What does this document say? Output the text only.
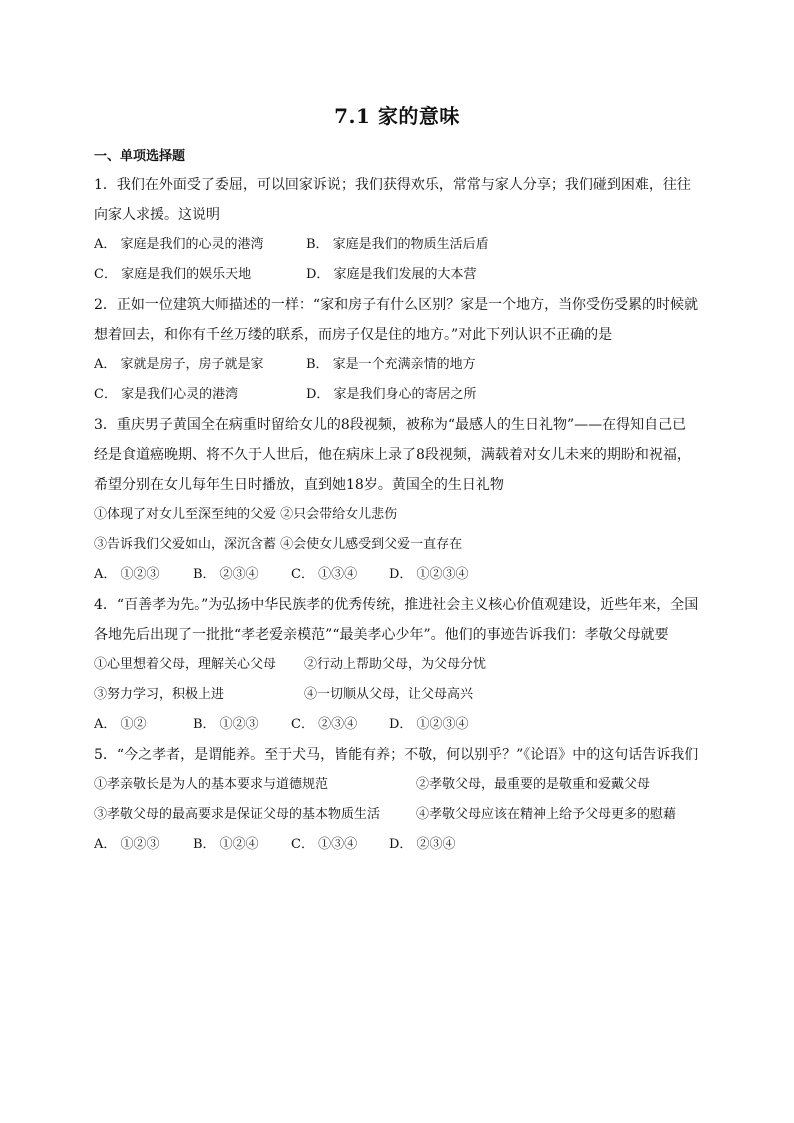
7.1 家的意味
一、单项选择题

1．我们在外面受了委屈，可以回家诉说；我们获得欢乐，常常与家人分享；我们碰到困难，往往向家人求援。这说明

A． 家庭是我们的心灵的港湾	B． 家庭是我们的物质生活后盾
C． 家庭是我们的娱乐天地	D． 家庭是我们发展的大本营

2．正如一位建筑大师描述的一样：“家和房子有什么区别？家是一个地方，当你受伤受累的时候就想着回去，和你有千丝万缕的联系，而房子仅是住的地方。”对此下列认识不正确的是

A． 家就是房子，房子就是家	B． 家是一个充满亲情的地方
C． 家是我们心灵的港湾	D． 家是我们身心的寄居之所

3．重庆男子黄国全在病重时留给女儿的8段视频，被称为“最感人的生日礼物”——在得知自己已经是食道癌晚期、将不久于人世后，他在病床上录了8段视频，满载着对女儿未来的期盼和祝福，希望分别在女儿每年生日时播放，直到她18岁。黄国全的生日礼物

①体现了对女儿至深至纯的父爱 ②只会带给女儿悲伤
③告诉我们父爱如山，深沉含蓄 ④会使女儿感受到父爱一直存在
A． ①②③	B． ②③④	C． ①③④	D． ①②③④

4．“百善孝为先。”为弘扬中华民族孝的优秀传统，推进社会主义核心价值观建设，近些年来，全国各地先后出现了一批批“孝老爱亲模范”“最美孝心少年”。他们的事迹告诉我们：孝敬父母就要

①心里想着父母，理解关心父母	②行动上帮助父母，为父母分忧
③努力学习，积极上进	④一切顺从父母，让父母高兴
A． ①②	B． ①②③	C． ②③④	D． ①②③④

5．“今之孝者，是谓能养。至于犬马，皆能有养；不敬，何以别乎？”《论语》中的这句话告诉我们

①孝亲敬长是为人的基本要求与道德规范	②孝敬父母，最重要的是敬重和爱戴父母
③孝敬父母的最高要求是保证父母的基本物质生活	④孝敬父母应该在精神上给予父母更多的慰藉
A． ①②③	B． ①②④	C． ①③④	D． ②③④
